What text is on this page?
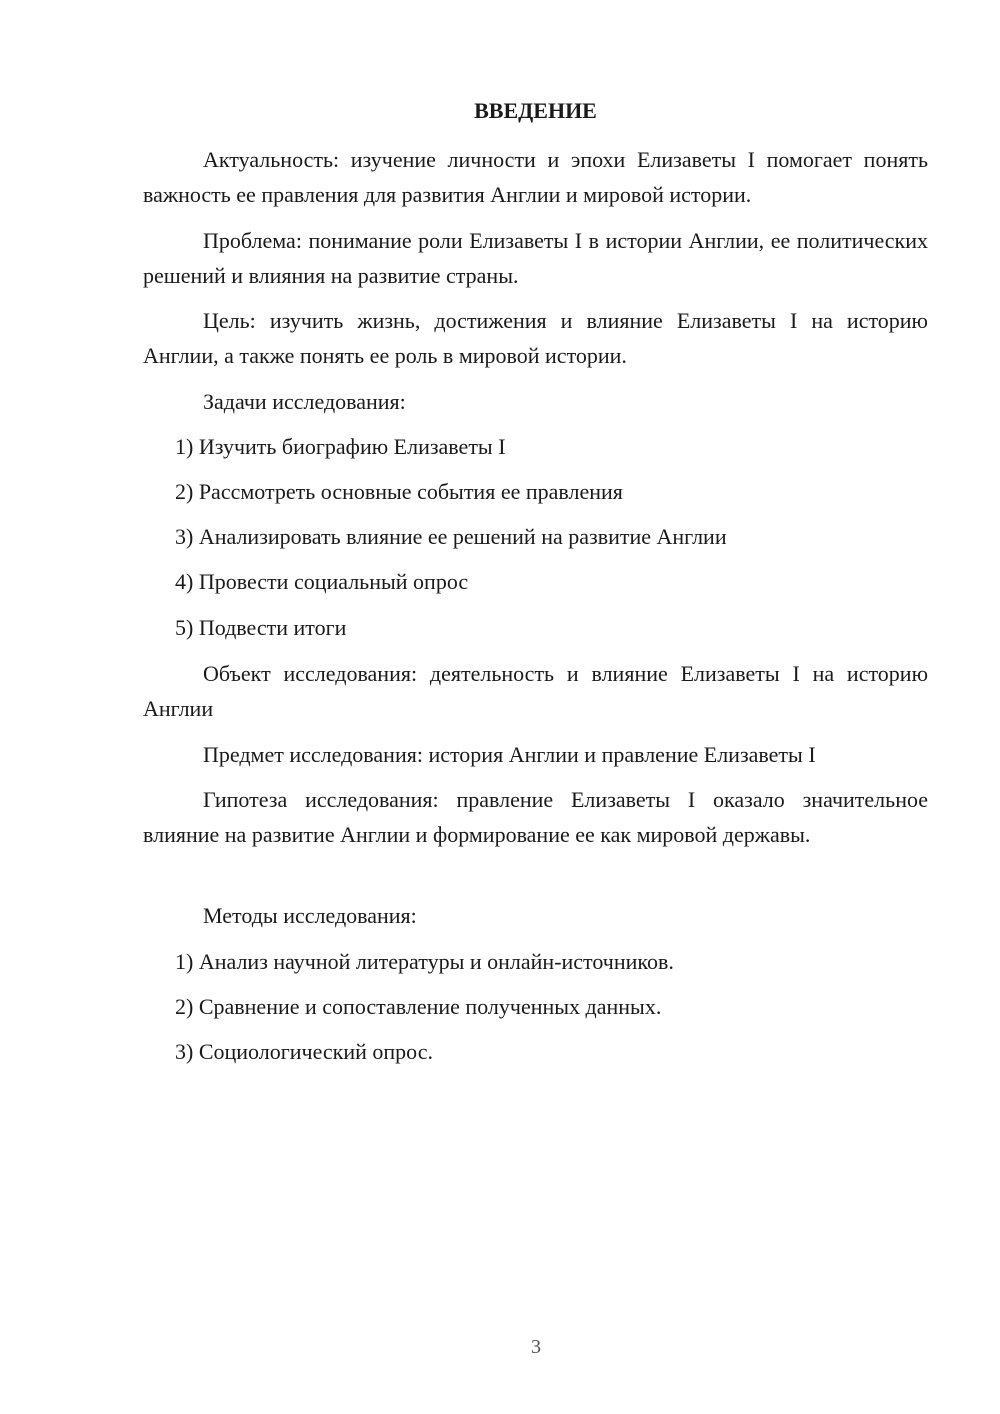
ВВЕДЕНИЕ

Актуальность: изучение личности и эпохи Елизаветы I помогает понять важность ее правления для развития Англии и мировой истории.

Проблема: понимание роли Елизаветы I в истории Англии, ее политических решений и влияния на развитие страны.

Цель: изучить жизнь, достижения и влияние Елизаветы I на историю Англии, а также понять ее роль в мировой истории.

Задачи исследования:

1) Изучить биографию Елизаветы I

2) Рассмотреть основные события ее правления

3) Анализировать влияние ее решений на развитие Англии

4) Провести социальный опрос

5) Подвести итоги

Объект исследования: деятельность и влияние Елизаветы I на историю Англии

Предмет исследования: история Англии и правление Елизаветы I

Гипотеза исследования: правление Елизаветы I оказало значительное влияние на развитие Англии и формирование ее как мировой державы.

Методы исследования:

1) Анализ научной литературы и онлайн-источников.

2) Сравнение и сопоставление полученных данных.

3) Социологический опрос.

3
